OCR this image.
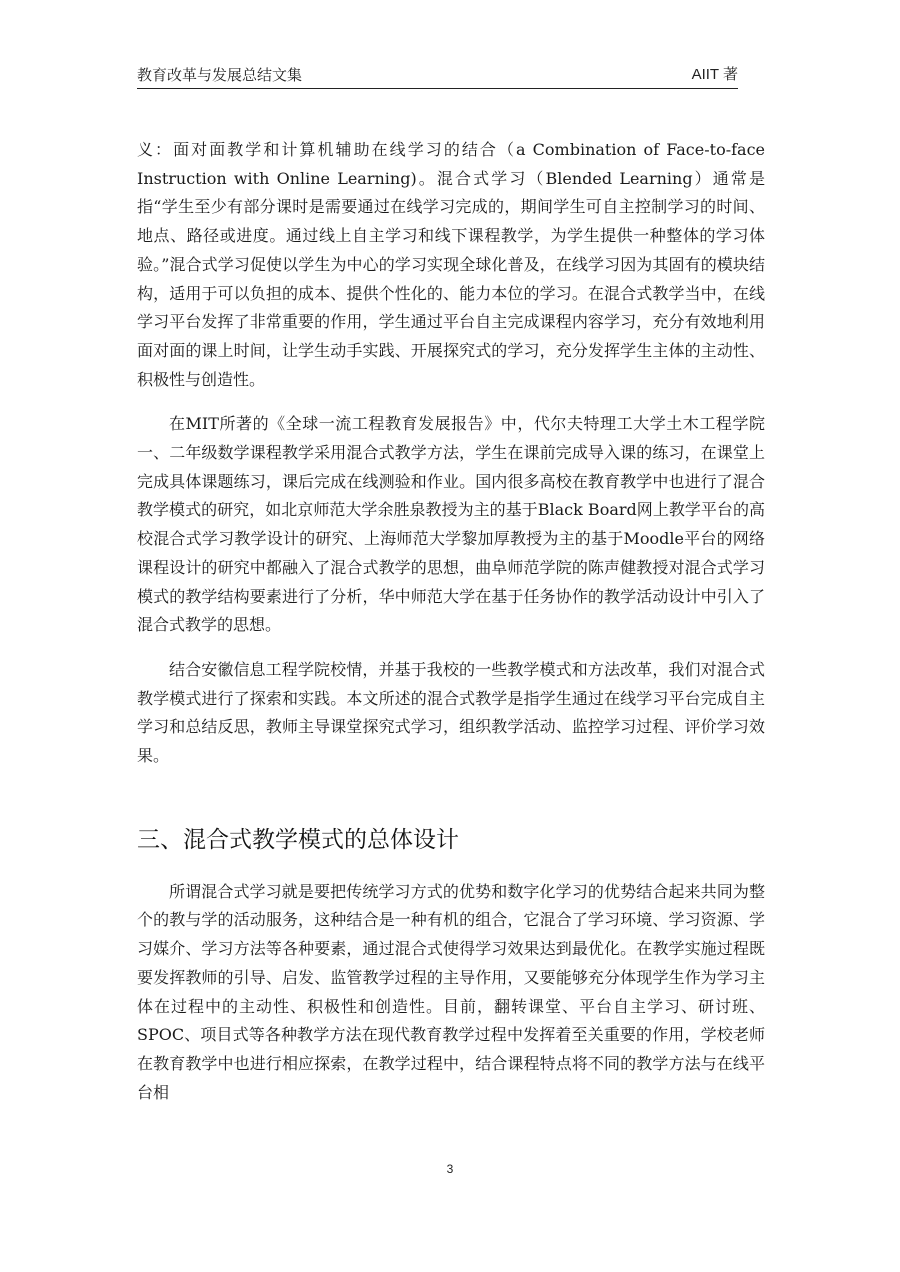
教育改革与发展总结文集	AIIT 著

义：面对面教学和计算机辅助在线学习的结合（a Combination of Face-to-face Instruction with Online Learning)。混合式学习（Blended Learning）通常是指“学生至少有部分课时是需要通过在线学习完成的，期间学生可自主控制学习的时间、地点、路径或进度。通过线上自主学习和线下课程教学，为学生提供一种整体的学习体验。”混合式学习促使以学生为中心的学习实现全球化普及，在线学习因为其固有的模块结构，适用于可以负担的成本、提供个性化的、能力本位的学习。在混合式教学当中，在线学习平台发挥了非常重要的作用，学生通过平台自主完成课程内容学习，充分有效地利用面对面的课上时间，让学生动手实践、开展探究式的学习，充分发挥学生主体的主动性、积极性与创造性。

在MIT所著的《全球一流工程教育发展报告》中，代尔夫特理工大学土木工程学院一、二年级数学课程教学采用混合式教学方法，学生在课前完成导入课的练习，在课堂上完成具体课题练习，课后完成在线测验和作业。国内很多高校在教育教学中也进行了混合教学模式的研究，如北京师范大学余胜泉教授为主的基于Black Board网上教学平台的高校混合式学习教学设计的研究、上海师范大学黎加厚教授为主的基于Moodle平台的网络课程设计的研究中都融入了混合式教学的思想，曲阜师范学院的陈声健教授对混合式学习模式的教学结构要素进行了分析，华中师范大学在基于任务协作的教学活动设计中引入了混合式教学的思想。

结合安徽信息工程学院校情，并基于我校的一些教学模式和方法改革，我们对混合式教学模式进行了探索和实践。本文所述的混合式教学是指学生通过在线学习平台完成自主学习和总结反思，教师主导课堂探究式学习，组织教学活动、监控学习过程、评价学习效果。

三、混合式教学模式的总体设计

所谓混合式学习就是要把传统学习方式的优势和数字化学习的优势结合起来共同为整个的教与学的活动服务，这种结合是一种有机的组合，它混合了学习环境、学习资源、学习媒介、学习方法等各种要素，通过混合式使得学习效果达到最优化。在教学实施过程既要发挥教师的引导、启发、监管教学过程的主导作用，又要能够充分体现学生作为学习主体在过程中的主动性、积极性和创造性。目前，翻转课堂、平台自主学习、研讨班、SPOC、项目式等各种教学方法在现代教育教学过程中发挥着至关重要的作用，学校老师在教育教学中也进行相应探索，在教学过程中，结合课程特点将不同的教学方法与在线平台相

3
